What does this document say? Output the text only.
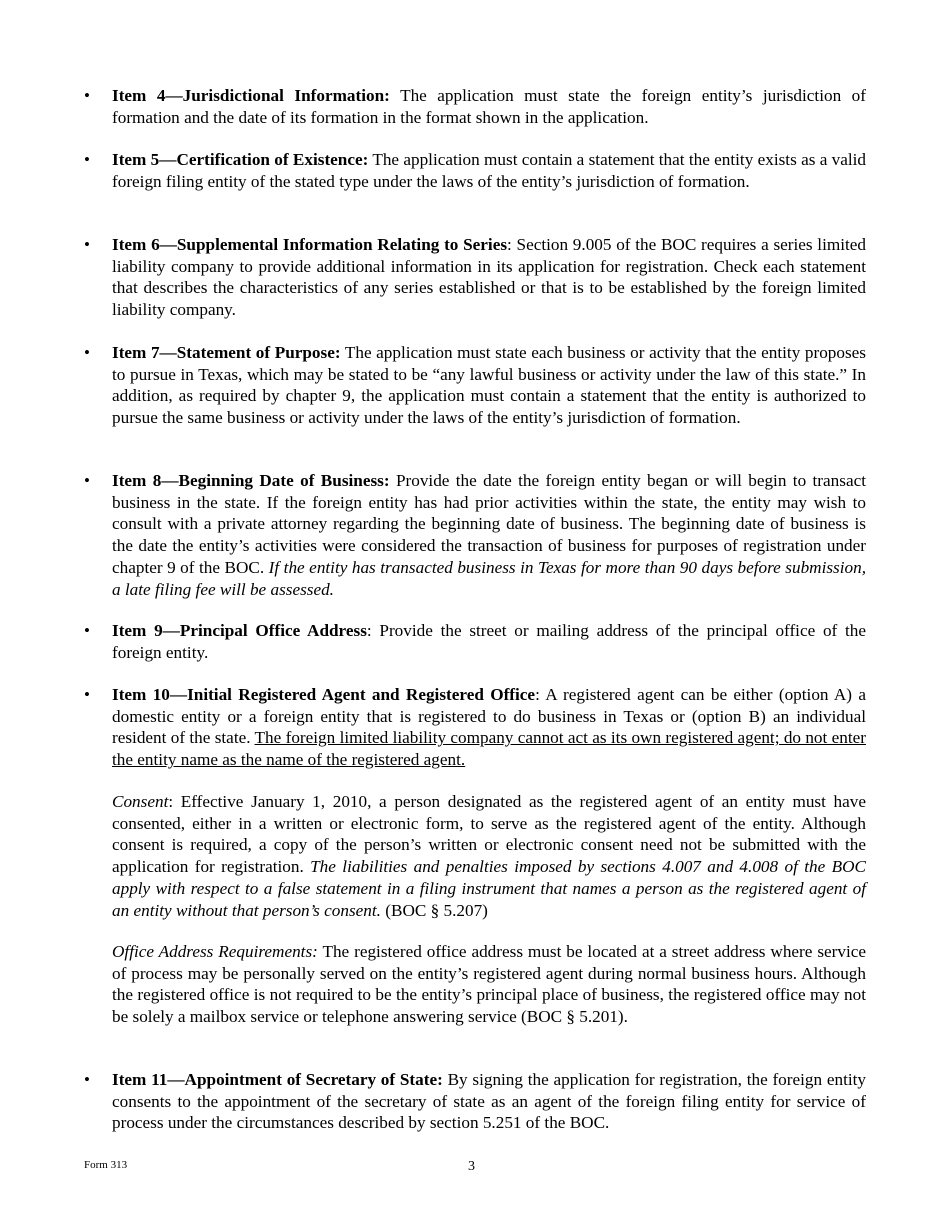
• Item 4—Jurisdictional Information: The application must state the foreign entity’s jurisdiction of formation and the date of its formation in the format shown in the application.
• Item 5—Certification of Existence: The application must contain a statement that the entity exists as a valid foreign filing entity of the stated type under the laws of the entity’s jurisdiction of formation.
• Item 6—Supplemental Information Relating to Series: Section 9.005 of the BOC requires a series limited liability company to provide additional information in its application for registration. Check each statement that describes the characteristics of any series established or that is to be established by the foreign limited liability company.
• Item 7—Statement of Purpose: The application must state each business or activity that the entity proposes to pursue in Texas, which may be stated to be “any lawful business or activity under the law of this state.” In addition, as required by chapter 9, the application must contain a statement that the entity is authorized to pursue the same business or activity under the laws of the entity’s jurisdiction of formation.
• Item 8—Beginning Date of Business: Provide the date the foreign entity began or will begin to transact business in the state. If the foreign entity has had prior activities within the state, the entity may wish to consult with a private attorney regarding the beginning date of business. The beginning date of business is the date the entity’s activities were considered the transaction of business for purposes of registration under chapter 9 of the BOC. If the entity has transacted business in Texas for more than 90 days before submission, a late filing fee will be assessed.
• Item 9—Principal Office Address: Provide the street or mailing address of the principal office of the foreign entity.
• Item 10—Initial Registered Agent and Registered Office: A registered agent can be either (option A) a domestic entity or a foreign entity that is registered to do business in Texas or (option B) an individual resident of the state. The foreign limited liability company cannot act as its own registered agent; do not enter the entity name as the name of the registered agent.
Consent: Effective January 1, 2010, a person designated as the registered agent of an entity must have consented, either in a written or electronic form, to serve as the registered agent of the entity. Although consent is required, a copy of the person’s written or electronic consent need not be submitted with the application for registration. The liabilities and penalties imposed by sections 4.007 and 4.008 of the BOC apply with respect to a false statement in a filing instrument that names a person as the registered agent of an entity without that person’s consent. (BOC § 5.207)
Office Address Requirements: The registered office address must be located at a street address where service of process may be personally served on the entity’s registered agent during normal business hours. Although the registered office is not required to be the entity’s principal place of business, the registered office may not be solely a mailbox service or telephone answering service (BOC § 5.201).
• Item 11—Appointment of Secretary of State: By signing the application for registration, the foreign entity consents to the appointment of the secretary of state as an agent of the foreign filing entity for service of process under the circumstances described by section 5.251 of the BOC.
Form 313	3
